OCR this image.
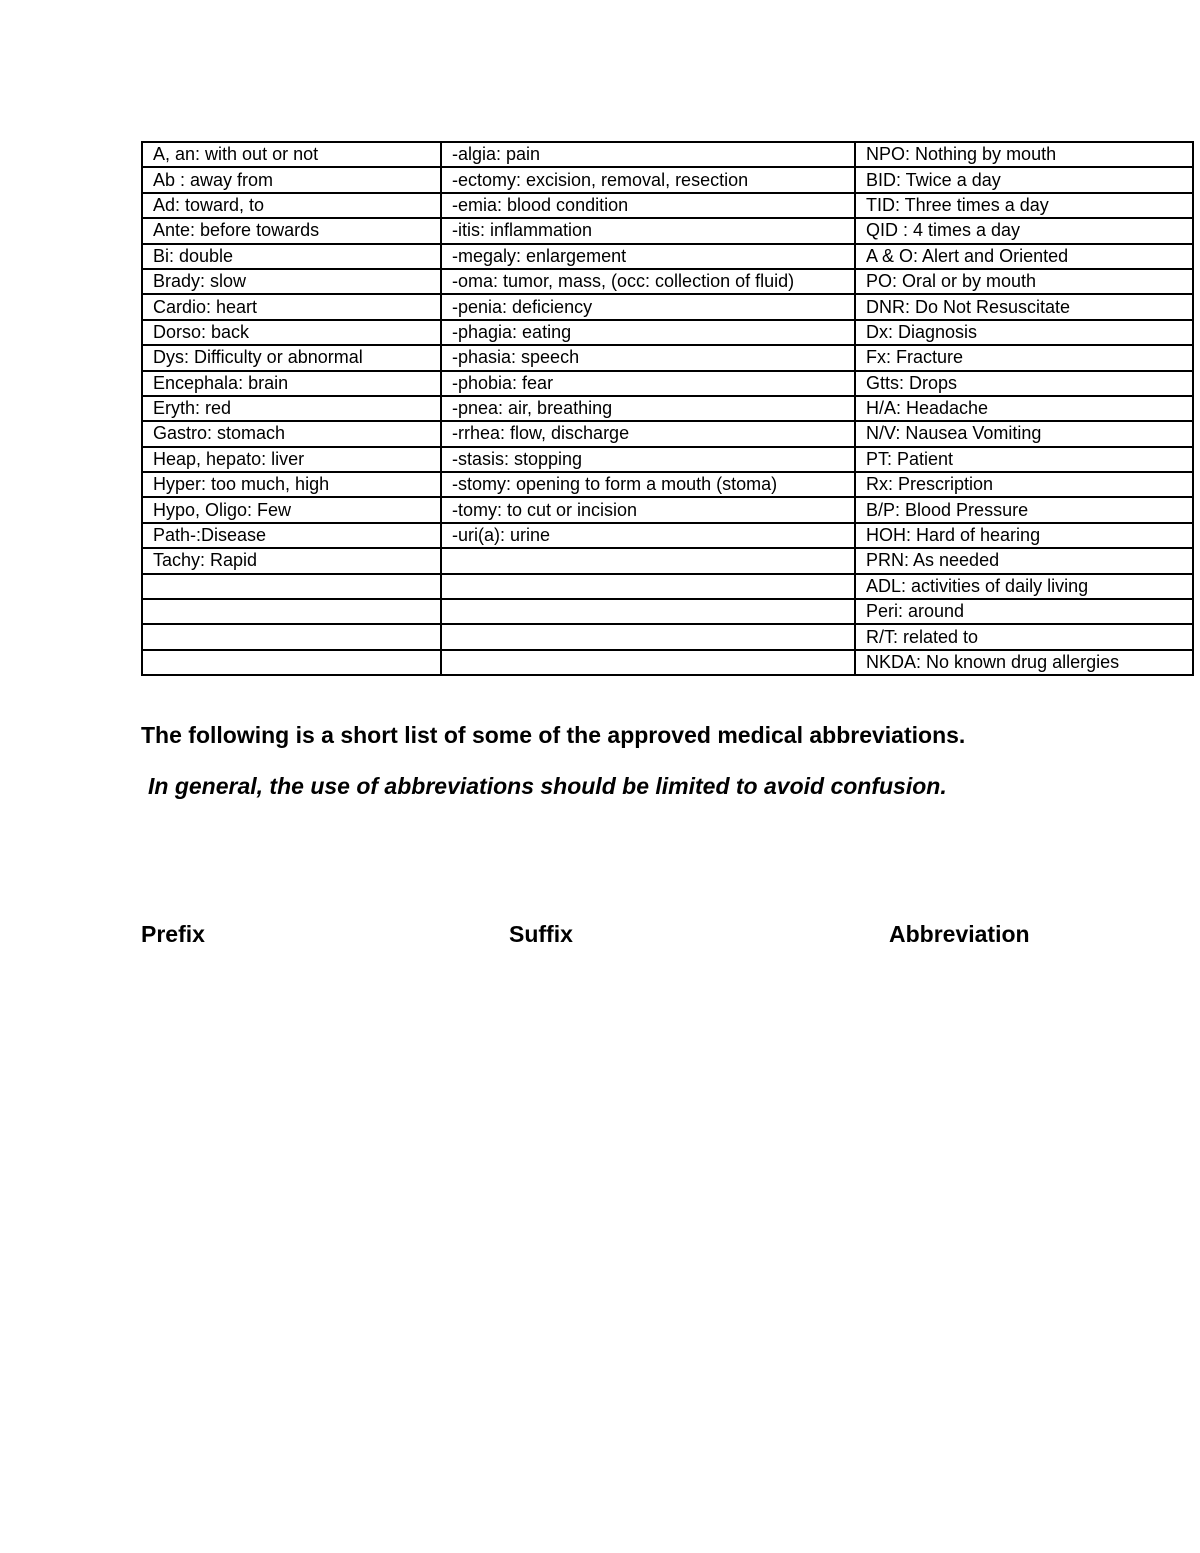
A, an: with out or not	-algia: pain	NPO: Nothing by mouth
Ab : away from	-ectomy: excision, removal, resection	BID: Twice a day
Ad: toward, to	-emia: blood condition	TID: Three times a day
Ante: before towards	-itis: inflammation	QID : 4 times a day
Bi: double	-megaly: enlargement	A & O: Alert and Oriented
Brady: slow	-oma: tumor, mass, (occ: collection of fluid)	PO: Oral or by mouth
Cardio: heart	-penia: deficiency	DNR: Do Not Resuscitate
Dorso: back	-phagia: eating	Dx: Diagnosis
Dys: Difficulty or abnormal	-phasia: speech	Fx: Fracture
Encephala: brain	-phobia: fear	Gtts: Drops
Eryth: red	-pnea: air, breathing	H/A: Headache
Gastro: stomach	-rrhea: flow, discharge	N/V: Nausea Vomiting
Heap, hepato: liver	-stasis: stopping	PT: Patient
Hyper: too much, high	-stomy: opening to form a mouth (stoma)	Rx: Prescription
Hypo, Oligo: Few	-tomy: to cut or incision	B/P: Blood Pressure
Path-:Disease	-uri(a): urine	HOH: Hard of hearing
Tachy: Rapid		PRN: As needed
		ADL: activities of daily living
		Peri: around
		R/T: related to
		NKDA: No known drug allergies

The following is a short list of some of the approved medical abbreviations.

In general, the use of abbreviations should be limited to avoid confusion.

Prefix	Suffix	Abbreviation
